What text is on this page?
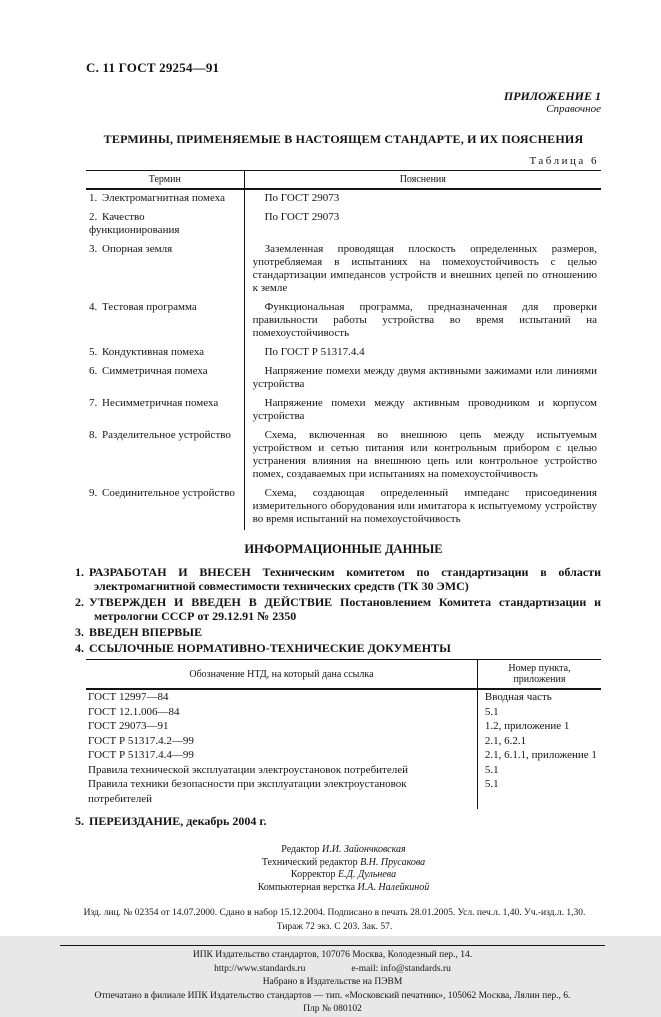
С. 11 ГОСТ 29254—91
ПРИЛОЖЕНИЕ 1
Справочное
ТЕРМИНЫ, ПРИМЕНЯЕМЫЕ В НАСТОЯЩЕМ СТАНДАРТЕ, И ИХ ПОЯСНЕНИЯ
Таблица 6
Термин	Пояснения
1. Электромагнитная помеха	По ГОСТ 29073
2. Качество функционирования	По ГОСТ 29073
3. Опорная земля	Заземленная проводящая плоскость определенных размеров, употребляемая в испытаниях на помехоустойчивость с целью стандартизации импедансов устройств и внешних цепей по отношению к земле
4. Тестовая программа	Функциональная программа, предназначенная для проверки правильности работы устройства во время испытаний на помехоустойчивость
5. Кондуктивная помеха	По ГОСТ Р 51317.4.4
6. Симметричная помеха	Напряжение помехи между двумя активными зажимами или линиями устройства
7. Несимметричная помеха	Напряжение помехи между активным проводником и корпусом устройства
8. Разделительное устройство	Схема, включенная во внешнюю цепь между испытуемым устройством и сетью питания или контрольным прибором с целью устранения влияния на внешнюю цепь или контрольное устройство помех, создаваемых при испытаниях на помехоустойчивость
9. Соединительное устройство	Схема, создающая определенный импеданс присоединения измерительного оборудования или имитатора к испытуемому устройству во время испытаний на помехоустойчивость
ИНФОРМАЦИОННЫЕ ДАННЫЕ
1. РАЗРАБОТАН И ВНЕСЕН Техническим комитетом по стандартизации в области электромагнитной совместимости технических средств (ТК 30 ЭМС)
2. УТВЕРЖДЕН И ВВЕДЕН В ДЕЙСТВИЕ Постановлением Комитета стандартизации и метрологии СССР от 29.12.91 № 2350
3. ВВЕДЕН ВПЕРВЫЕ
4. ССЫЛОЧНЫЕ НОРМАТИВНО-ТЕХНИЧЕСКИЕ ДОКУМЕНТЫ
Обозначение НТД, на который дана ссылка	Номер пункта, приложения
ГОСТ 12997—84	Вводная часть
ГОСТ 12.1.006—84	5.1
ГОСТ 29073—91	1.2, приложение 1
ГОСТ Р 51317.4.2—99	2.1, 6.2.1
ГОСТ Р 51317.4.4—99	2.1, 6.1.1, приложение 1
Правила технической эксплуатации электроустановок потребителей	5.1
Правила техники безопасности при эксплуатации электроустановок потребителей	5.1
5. ПЕРЕИЗДАНИЕ, декабрь 2004 г.
Редактор И.И. Зайончковская
Технический редактор В.Н. Прусакова
Корректор Е.Д. Дульнева
Компьютерная верстка И.А. Налейкиной
Изд. лиц. № 02354 от 14.07.2000. Сдано в набор 15.12.2004. Подписано в печать 28.01.2005. Усл. печ.л. 1,40. Уч.-изд.л. 1,30.
Тираж 72 экз. С 203. Зак. 57.
ИПК Издательство стандартов, 107076 Москва, Колодезный пер., 14.
http://www.standards.ru	e-mail: info@standards.ru
Набрано в Издательстве на ПЭВМ
Отпечатано в филиале ИПК Издательство стандартов — тип. «Московский печатник», 105062 Москва, Лялин пер., 6.
Плр № 080102
